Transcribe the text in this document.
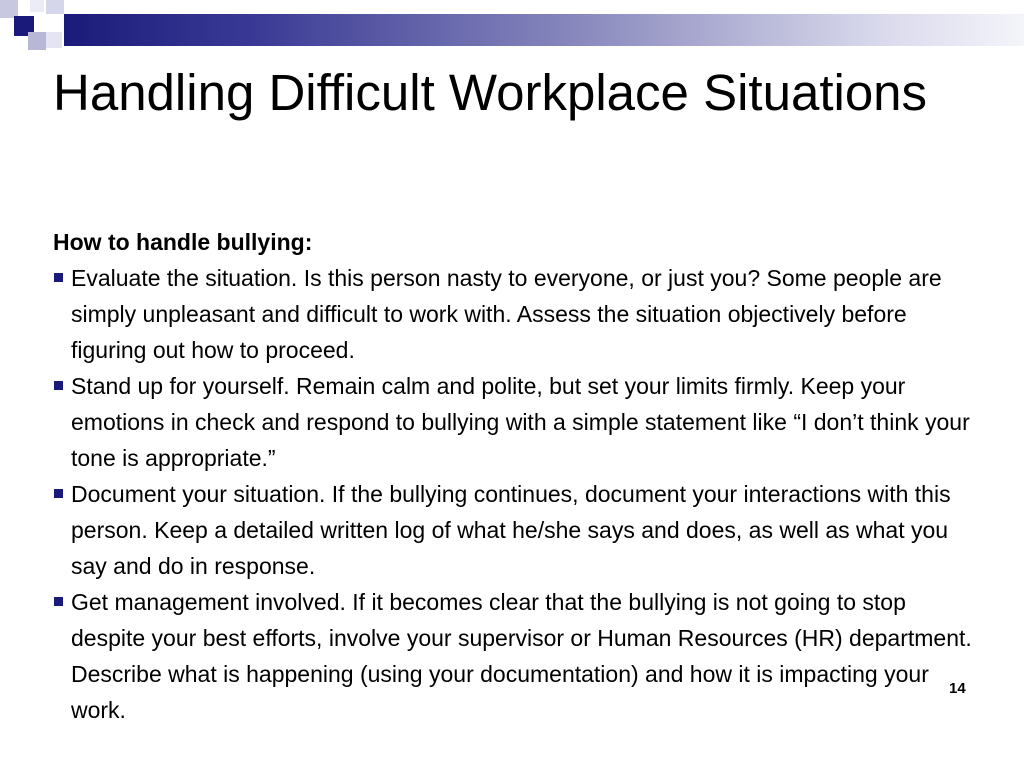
Handling Difficult Workplace Situations

How to handle bullying:

Evaluate the situation. Is this person nasty to everyone, or just you? Some people are simply unpleasant and difficult to work with. Assess the situation objectively before figuring out how to proceed.
Stand up for yourself. Remain calm and polite, but set your limits firmly. Keep your emotions in check and respond to bullying with a simple statement like “I don’t think your tone is appropriate.”
Document your situation. If the bullying continues, document your interactions with this person. Keep a detailed written log of what he/she says and does, as well as what you say and do in response.
Get management involved. If it becomes clear that the bullying is not going to stop despite your best efforts, involve your supervisor or Human Resources (HR) department. Describe what is happening (using your documentation) and how it is impacting your work.
14
